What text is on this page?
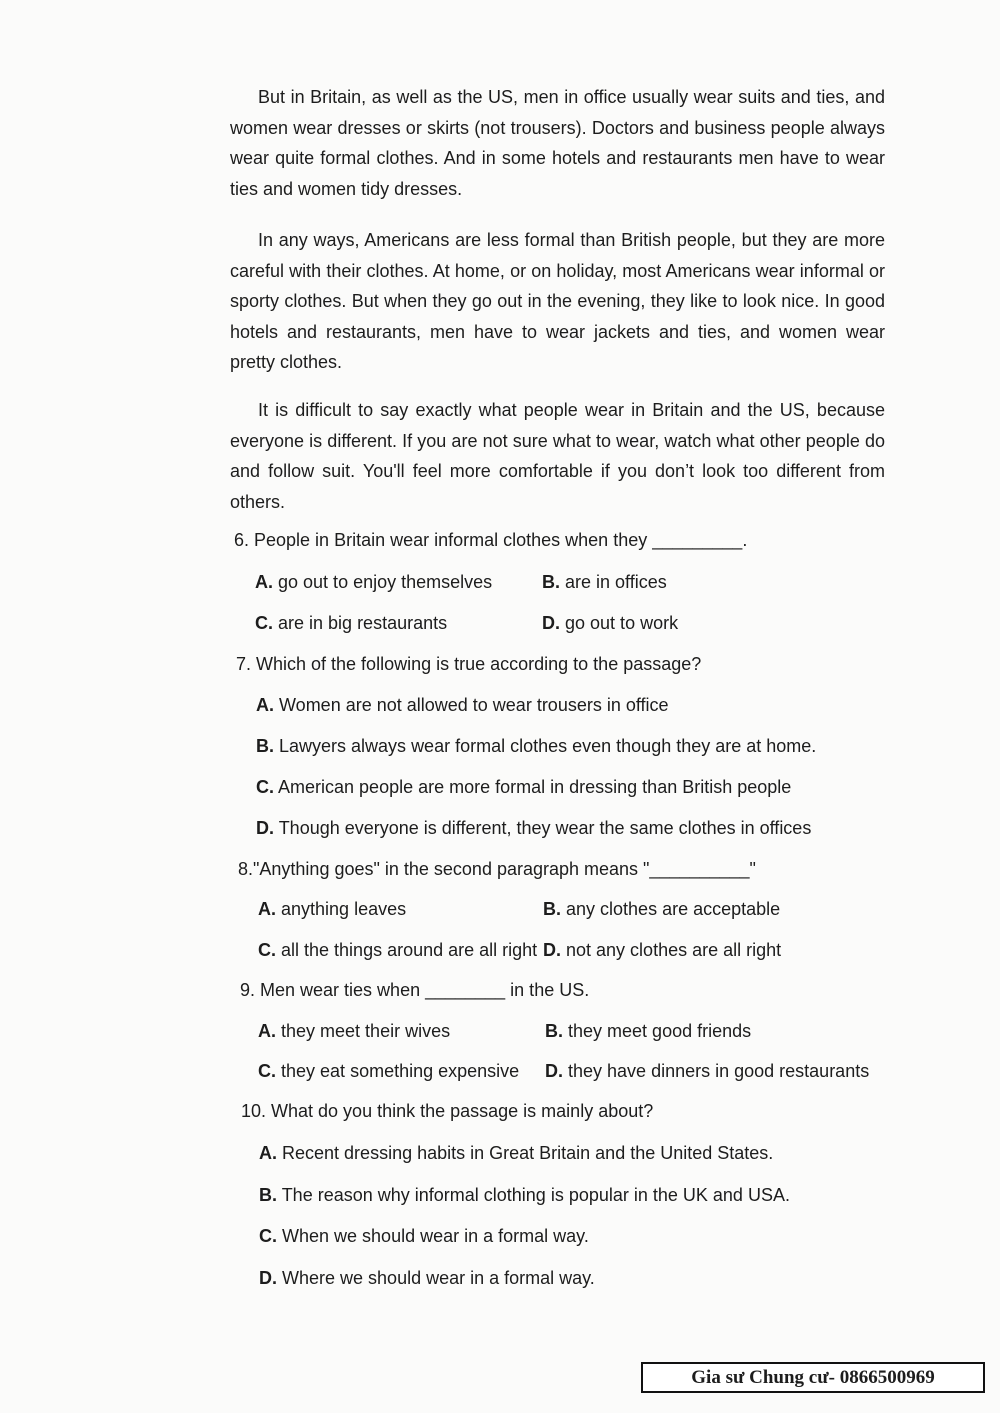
But in Britain, as well as the US, men in office usually wear suits and ties, and women wear dresses or skirts (not trousers). Doctors and business people always wear quite formal clothes. And in some hotels and restaurants men have to wear ties and women tidy dresses.

In any ways, Americans are less formal than British people, but they are more careful with their clothes. At home, or on holiday, most Americans wear informal or sporty clothes. But when they go out in the evening, they like to look nice. In good hotels and restaurants, men have to wear jackets and ties, and women wear pretty clothes.

It is difficult to say exactly what people wear in Britain and the US, because everyone is different. If you are not sure what to wear, watch what other people do and follow suit. You'll feel more comfortable if you don’t look too different from others.

6. People in Britain wear informal clothes when they _________.

A. go out to enjoy themselves	B. are in offices
C. are in big restaurants	D. go out to work

7. Which of the following is true according to the passage?

A. Women are not allowed to wear trousers in office
B. Lawyers always wear formal clothes even though they are at home.
C. American people are more formal in dressing than British people
D. Though everyone is different, they wear the same clothes in offices

8."Anything goes" in the second paragraph means "__________"

A. anything leaves	B. any clothes are acceptable
C. all the things around are all right D. not any clothes are all right

9. Men wear ties when ________ in the US.

A. they meet their wives	B. they meet good friends
C. they eat something expensive D. they have dinners in good restaurants

10. What do you think the passage is mainly about?

A. Recent dressing habits in Great Britain and the United States.
B. The reason why informal clothing is popular in the UK and USA.
C. When we should wear in a formal way.
D. Where we should wear in a formal way.
Gia sư Chung cư- 0866500969
